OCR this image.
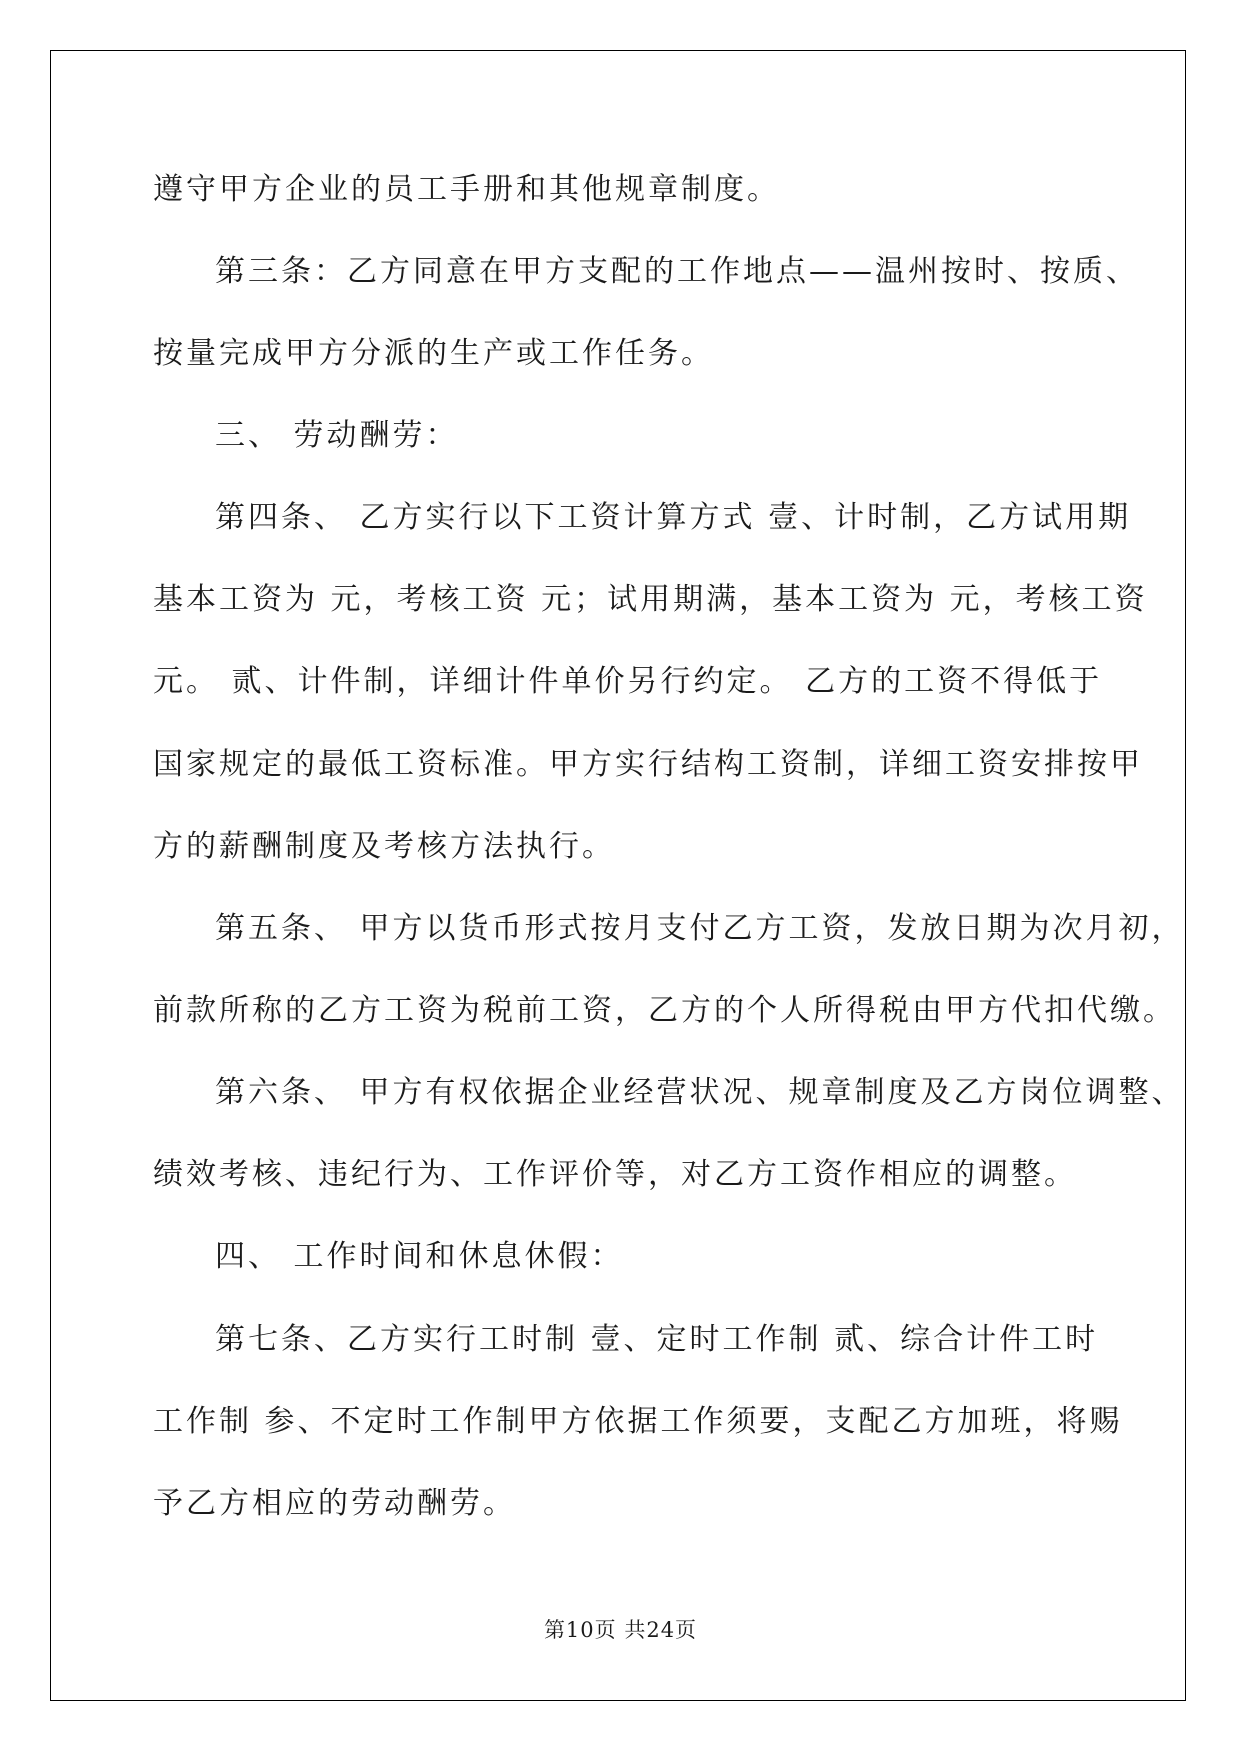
遵守甲方企业的员工手册和其他规章制度。
第三条：乙方同意在甲方支配的工作地点——温州按时、按质、
按量完成甲方分派的生产或工作任务。
三、 劳动酬劳：
第四条、 乙方实行以下工资计算方式 壹、计时制，乙方试用期
基本工资为 元，考核工资 元；试用期满，基本工资为 元，考核工资
元。 贰、计件制，详细计件单价另行约定。 乙方的工资不得低于
国家规定的最低工资标准。甲方实行结构工资制，详细工资安排按甲
方的薪酬制度及考核方法执行。
第五条、 甲方以货币形式按月支付乙方工资，发放日期为次月初，
前款所称的乙方工资为税前工资，乙方的个人所得税由甲方代扣代缴。
第六条、 甲方有权依据企业经营状况、规章制度及乙方岗位调整、
绩效考核、违纪行为、工作评价等，对乙方工资作相应的调整。
四、 工作时间和休息休假：
第七条、乙方实行工时制 壹、定时工作制 贰、综合计件工时
工作制 参、不定时工作制甲方依据工作须要，支配乙方加班，将赐
予乙方相应的劳动酬劳。
第10页 共24页
